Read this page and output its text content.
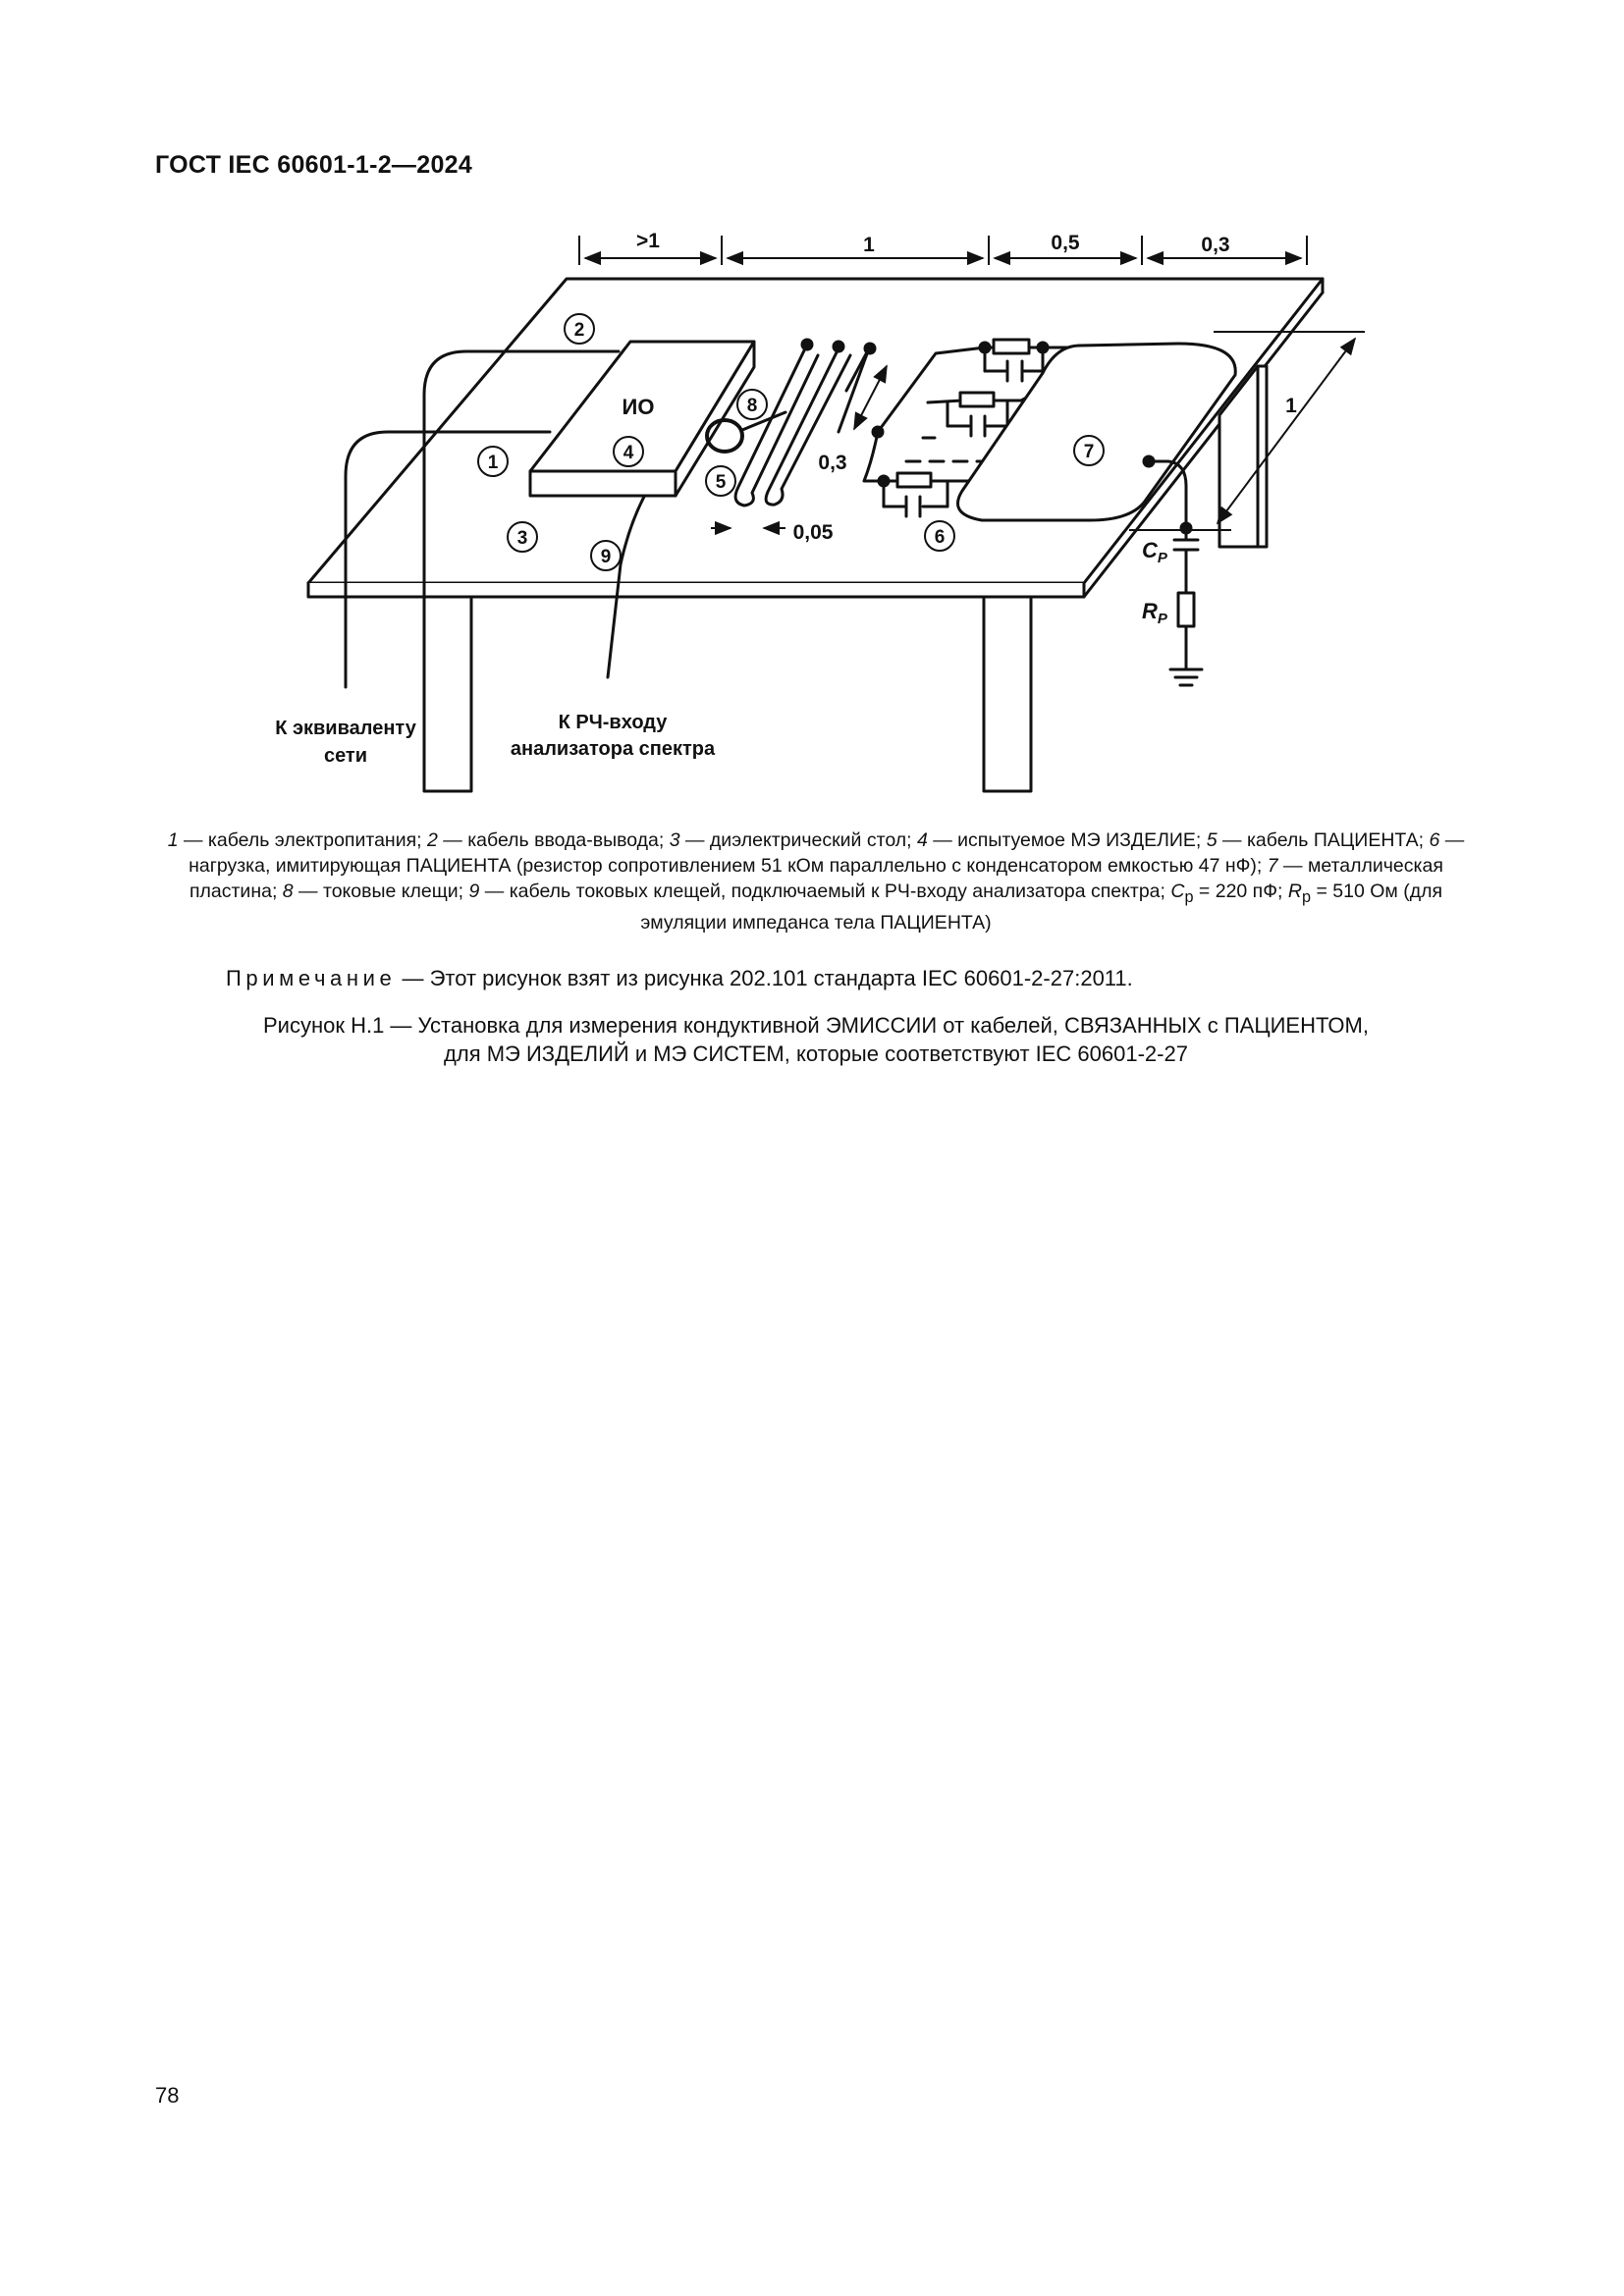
ГОСТ IEC 60601-1-2—2024
>1	1	0,5	0,3
1
0,3
0,05
ИО
2
1
3
4
5
6
7
8
9	$C_P$
$R_P$
К эквиваленту
сети
К РЧ-входу
анализатора спектра
1 — кабель электропитания; 2 — кабель ввода-вывода; 3 — диэлектрический стол; 4 — испытуемое МЭ ИЗДЕЛИЕ; 5 — кабель ПАЦИЕНТА; 6 — нагрузка, имитирующая ПАЦИЕНТА (резистор сопротивлением 51 кОм параллельно с конденсатором емкостью 47 нФ); 7 — металлическая пластина; 8 — токовые клещи; 9 — кабель токовых клещей, подключаемый к РЧ-входу анализатора спектра; $C_р = 220$ пФ; $R_р = 510$ Ом (для эмуляции импеданса тела ПАЦИЕНТА)
Примечание — Этот рисунок взят из рисунка 202.101 стандарта IEC 60601-2-27:2011.
Рисунок Н.1 — Установка для измерения кондуктивной ЭМИССИИ от кабелей, СВЯЗАННЫХ с ПАЦИЕНТОМ,
для МЭ ИЗДЕЛИЙ и МЭ СИСТЕМ, которые соответствуют IEC 60601-2-27
78
